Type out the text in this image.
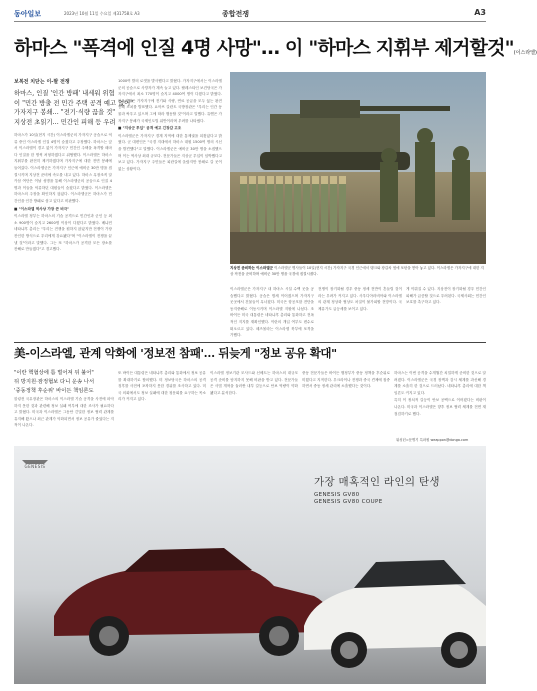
동아일보	2023년 10월 11일 수요일 제31758호 A3	종합전쟁	A3
하마스 "폭격에 인질 4명 사망"… 이 "하마스 지휘부 제거할것"(이스라엘)
보복전 치닫는 이-팔 전쟁
하마스, 인질 '인간 방패' 내세워 위협
이 "민간 방출 전 민간 주택 공격 예고 없어"
가자지구 봉쇄… "전기·식량 끊을 것"
지상전 초읽기… 민간인 피해 등 우려

하마스가 10일(현지 시간) 이스라엘군의 가자지구 공습으로 억류 중인 이스라엘 인질 4명이 숨졌다고 주장했다. 하마스는 앞서 이스라엘이 경고 없이 가자지구 민간인 주택을 폭격할 때마다 인질을 한 명씩 처형하겠다고 위협했다. 이스라엘은 하마스 지휘부를 완전히 제거하겠다며 가자지구에 대한 전면 봉쇄에 들어갔다. 이스라엘군은 가자지구 인근에 예비군 30만 명을 집결시키며 지상전 준비에 속도를 내고 있다. 하마스 무장조직 알카삼 여단은 이날 성명을 통해 이스라엘군의 공습으로 인질 4명과 이들을 억류하던 대원들이 숨졌다고 밝혔다. 이스라엘은 하마스의 주장을 확인하지 않았다. 이스라엘군은 하마스가 민간인을 인간 방패로 삼고 있다고 비판했다.

■ "이스라엘 역사상 가장 큰 비극"

이스라엘 정부는 하마스의 기습 공격으로 민간인과 군인 등 최소 900명이 숨지고 2600명 이상이 다쳤다고 밝혔다. 베냐민 네타냐후 총리는 "우리는 전쟁을 원하지 않았지만 전쟁이 가장 잔인한 방식으로 우리에게 강요됐다"며 "이스라엘이 전쟁을 끝낼 것"이라고 말했다. 그는 또 "하마스가 공격한 모든 장소를 잔해로 만들겠다"고 경고했다.

1000여 발의 로켓을 발사했다고 밝혔다. 가자지구에서는 이스라엘군의 공습으로 사망자가 계속 늘고 있다. 팔레스타인 보건당국은 가자지구에서 최소 770명이 숨지고 4000여 명이 다쳤다고 밝혔다. 이스라엘은 가자지구에 전기와 식량, 연료 공급을 모두 끊는 완전 봉쇄 조치를 발표했다. 요아브 갈란트 국방장관은 "우리는 인간 동물과 싸우고 있으며 그에 따라 행동할 것"이라고 말했다. 유엔은 가자지구 봉쇄가 국제인도법 위반이라며 우려를 나타냈다.

■ "지상군 투입" 공격 예고 긴장감 고조

이스라엘군은 가자지구 경계 지역에 대한 통제권을 되찾았다고 밝혔다. 군 대변인은 "국경 지대에서 하마스 대원 1500여 명의 시신을 발견했다"고 말했다. 이스라엘군은 예비군 30만 명을 소집했으며 이는 역사상 최대 규모다. 전문가들은 지상군 투입이 임박했다고 보고 있다. 가자지구 주민들은 피란길에 올랐지만 봉쇄로 갈 곳이 없는 상황이다.

이스라엘군은 가자지구 내 하마스 시설 수백 곳을 공습했다고 밝혔다. 공습은 밤새 이어졌으며 가자지구 곳곳에서 건물들이 무너졌다. 미국은 항공모함 전단을 동지중해로 이동시키며 이스라엘 지원에 나섰다. 조 바이든 미국 대통령은 네타냐후 총리와 통화하고 전폭적인 지지를 재확인했다. 이란의 개입 여부도 변수로 떠오르고 있다. 헤즈볼라는 이스라엘 북부에 포격을 가했다.

전쟁이 장기화될 경우 중동 정세 전반이 흔들릴 것이라는 우려가 커지고 있다. 사우디아라비아와 이스라엘의 관계 정상화 협상도 차질이 불가피할 전망이다. 국제유가도 급등세를 보이고 있다.

게 이뤄질 수 있다. 지상전이 장기화될 경우 민간인 피해가 급증할 것으로 우려된다. 국제사회는 민간인 보호를 촉구하고 있다.

지상전 준비하는 이스라엘군 이스라엘군 병사들이 10일(현지 시간) 가자지구 국경 인근에서 탱크와 장갑차 옆에 포탄을 쌓아 놓고 있다. 이스라엘은 가자지구에 대한 지상 작전을 준비하며 예비군 30만 명을 국경에 집결시켰다.
美-이스라엘, 관계 악화에 '정보전 참패'… 뒤늦게 "정보 공유 확대"
"이란 핵협상에 틈 벌어져 뒤 불어"
뒤 방지원·잠정협보 다니 운송 나서
'중동정책 후순위' 바이든 책임론도

블링컨 국무장관은 하마스의 이스라엘 기습 공격을 사전에 파악하지 못한 것과 관련해 정보 실패 여부에 대한 조사가 필요하다고 밝혔다. 미국과 이스라엘은 그동안 긴밀한 정보 협력 관계를 유지해 왔으나 최근 관계가 악화되면서 정보 공유가 줄었다는 지적이 나온다.

또 바이든 대통령은 네타냐후 총리와 통화에서 정보 공유를 확대하기로 합의했다. 미 정보당국은 하마스의 공격 징후를 사전에 포착하지 못한 경위를 조사하고 있다. 미국 의회에서도 정보 실패에 대한 청문회를 요구하는 목소리가 커지고 있다.

이스라엘 정보기관 모사드와 신베트는 하마스의 대규모 공격 준비를 탐지하지 못해 비판을 받고 있다. 전문가들은 사법 개혁을 둘러싼 내부 갈등으로 안보 역량이 약화됐다고 분석한다.

중동 전문가들은 바이든 행정부가 중동 정책을 후순위로 미뤘다고 지적한다. 우크라이나 전쟁과 중국 견제에 집중하면서 중동 정세 관리에 소홀했다는 것이다.

하마스는 이번 공격을 수개월간 치밀하게 준비한 것으로 알려졌다. 이스라엘군은 국경 장벽과 감시 체계를 과신해 경계를 소홀히 한 것으로 드러났다. 네타냐후 총리에 대한 책임론도 커지고 있다.

특히 이 정치적 갈등이 안보 공백으로 이어졌다는 비판이 나온다. 미국과 이스라엘은 향후 정보 협력 체계를 전면 재점검하기로 했다.

워싱턴=문병기 특파원 weappon@donga.com
GENESIS
가장 매혹적인 라인의 탄생
GENESIS GV80
GENESIS GV80 COUPE
